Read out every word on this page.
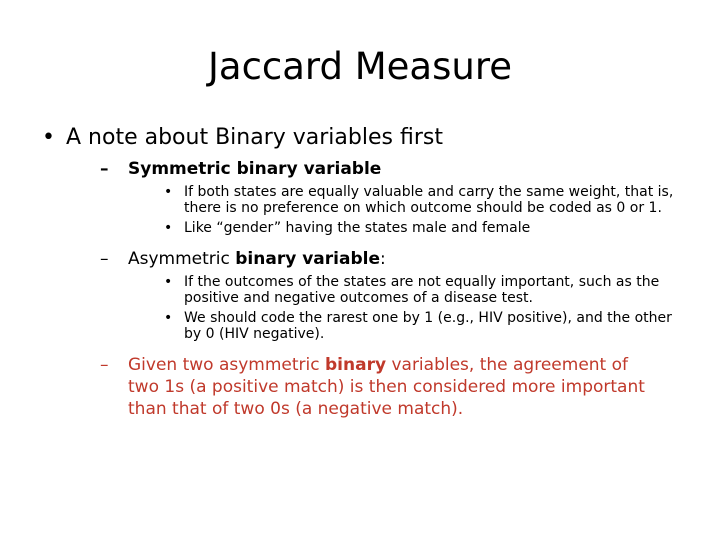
Jaccard Measure
• A note about Binary variables first
– Symmetric binary variable
• If both states are equally valuable and carry the same weight, that is, there is no preference on which outcome should be coded as 0 or 1.
• Like “gender” having the states male and female
– Asymmetric binary variable:
• If the outcomes of the states are not equally important, such as the positive and negative outcomes of a disease test.
• We should code the rarest one by 1 (e.g., HIV positive), and the other by 0 (HIV negative).
– Given two asymmetric binary variables, the agreement of two 1s (a positive match) is then considered more important than that of two 0s (a negative match).
